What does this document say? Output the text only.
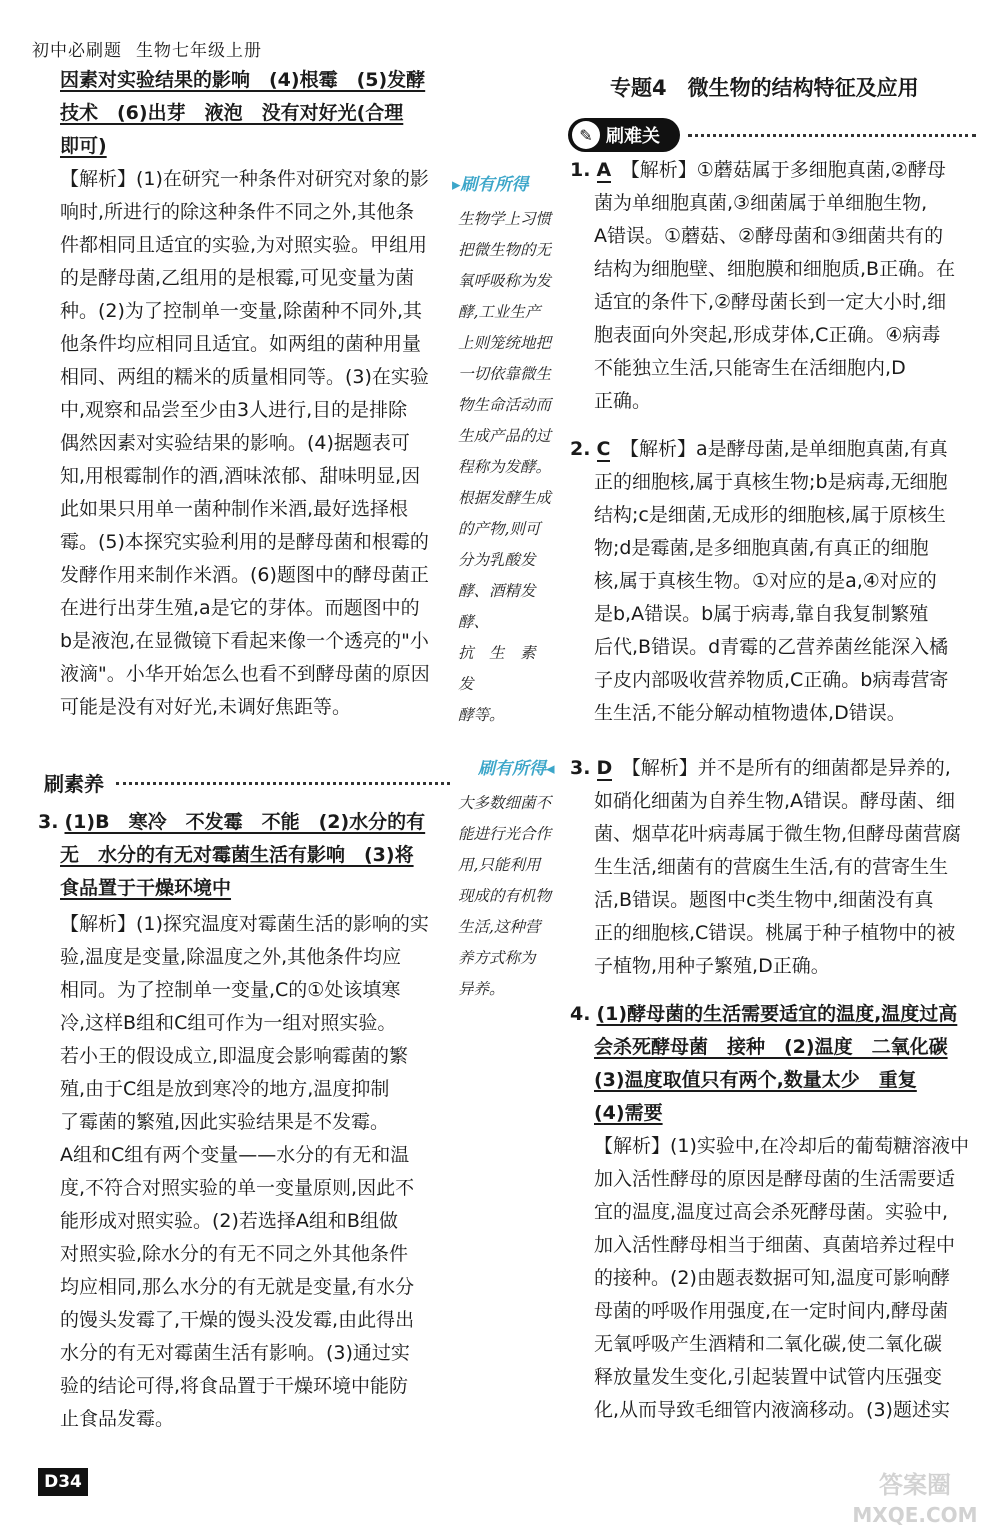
初中必刷题 生物七年级上册

因素对实验结果的影响　(4)根霉　(5)发酵

技术　(6)出芽　液泡　没有对好光(合理

即可)

【解析】(1)在研究一种条件对研究对象的影

响时,所进行的除这种条件不同之外,其他条

件都相同且适宜的实验,为对照实验。甲组用

的是酵母菌,乙组用的是根霉,可见变量为菌

种。(2)为了控制单一变量,除菌种不同外,其

他条件均应相同且适宜。如两组的菌种用量

相同、两组的糯米的质量相同等。(3)在实验

中,观察和品尝至少由3人进行,目的是排除

偶然因素对实验结果的影响。(4)据题表可

知,用根霉制作的酒,酒味浓郁、甜味明显,因

此如果只用单一菌种制作米酒,最好选择根

霉。(5)本探究实验利用的是酵母菌和根霉的

发酵作用来制作米酒。(6)题图中的酵母菌正

在进行出芽生殖,a是它的芽体。而题图中的

b是液泡,在显微镜下看起来像一个透亮的"小

液滴"。小华开始怎么也看不到酵母菌的原因

可能是没有对好光,未调好焦距等。

刷素养

3. (1)B　寒冷　不发霉　不能　(2)水分的有

无　水分的有无对霉菌生活有影响　(3)将

食品置于干燥环境中

【解析】(1)探究温度对霉菌生活的影响的实

验,温度是变量,除温度之外,其他条件均应

相同。为了控制单一变量,C的①处该填寒

冷,这样B组和C组可作为一组对照实验。

若小王的假设成立,即温度会影响霉菌的繁

殖,由于C组是放到寒冷的地方,温度抑制

了霉菌的繁殖,因此实验结果是不发霉。

A组和C组有两个变量——水分的有无和温

度,不符合对照实验的单一变量原则,因此不

能形成对照实验。(2)若选择A组和B组做

对照实验,除水分的有无不同之外其他条件

均应相同,那么水分的有无就是变量,有水分

的馒头发霉了,干燥的馒头没发霉,由此得出

水分的有无对霉菌生活有影响。(3)通过实

验的结论可得,将食品置于干燥环境中能防

止食品发霉。

▸刷有所得
生物学上习惯
把微生物的无
氧呼吸称为发
酵,工业生产
上则笼统地把
一切依靠微生
物生命活动而
生成产品的过
程称为发酵。
根据发酵生成
的产物,则可
分为乳酸发
酵、酒精发酵、
抗　生　素　发
酵等。
刷有所得◂
大多数细菌不
能进行光合作
用,只能利用
现成的有机物
生活,这种营
养方式称为
异养。
专题4　微生物的结构特征及应用
✎ 刷难关

1. A　 【解析】①蘑菇属于多细胞真菌,②酵母

菌为单细胞真菌,③细菌属于单细胞生物,

A错误。①蘑菇、②酵母菌和③细菌共有的

结构为细胞壁、细胞膜和细胞质,B正确。在

适宜的条件下,②酵母菌长到一定大小时,细

胞表面向外突起,形成芽体,C正确。④病毒

不能独立生活,只能寄生在活细胞内,D

正确。

2. C　 【解析】a是酵母菌,是单细胞真菌,有真

正的细胞核,属于真核生物;b是病毒,无细胞

结构;c是细菌,无成形的细胞核,属于原核生

物;d是霉菌,是多细胞真菌,有真正的细胞

核,属于真核生物。①对应的是a,④对应的

是b,A错误。b属于病毒,靠自我复制繁殖

后代,B错误。d青霉的乙营养菌丝能深入橘

子皮内部吸收营养物质,C正确。b病毒营寄

生生活,不能分解动植物遗体,D错误。

3. D　 【解析】并不是所有的细菌都是异养的,

如硝化细菌为自养生物,A错误。酵母菌、细

菌、烟草花叶病毒属于微生物,但酵母菌营腐

生生活,细菌有的营腐生生活,有的营寄生生

活,B错误。题图中c类生物中,细菌没有真

正的细胞核,C错误。桃属于种子植物中的被

子植物,用种子繁殖,D正确。

4. (1)酵母菌的生活需要适宜的温度,温度过高

会杀死酵母菌　接种　(2)温度　二氧化碳

(3)温度取值只有两个,数量太少　重复

(4)需要

【解析】(1)实验中,在冷却后的葡萄糖溶液中

加入活性酵母的原因是酵母菌的生活需要适

宜的温度,温度过高会杀死酵母菌。实验中,

加入活性酵母相当于细菌、真菌培养过程中

的接种。(2)由题表数据可知,温度可影响酵

母菌的呼吸作用强度,在一定时间内,酵母菌

无氧呼吸产生酒精和二氧化碳,使二氧化碳

释放量发生变化,引起装置中试管内压强变

化,从而导致毛细管内液滴移动。(3)题述实

D34	答案圈
MXQE.COM
